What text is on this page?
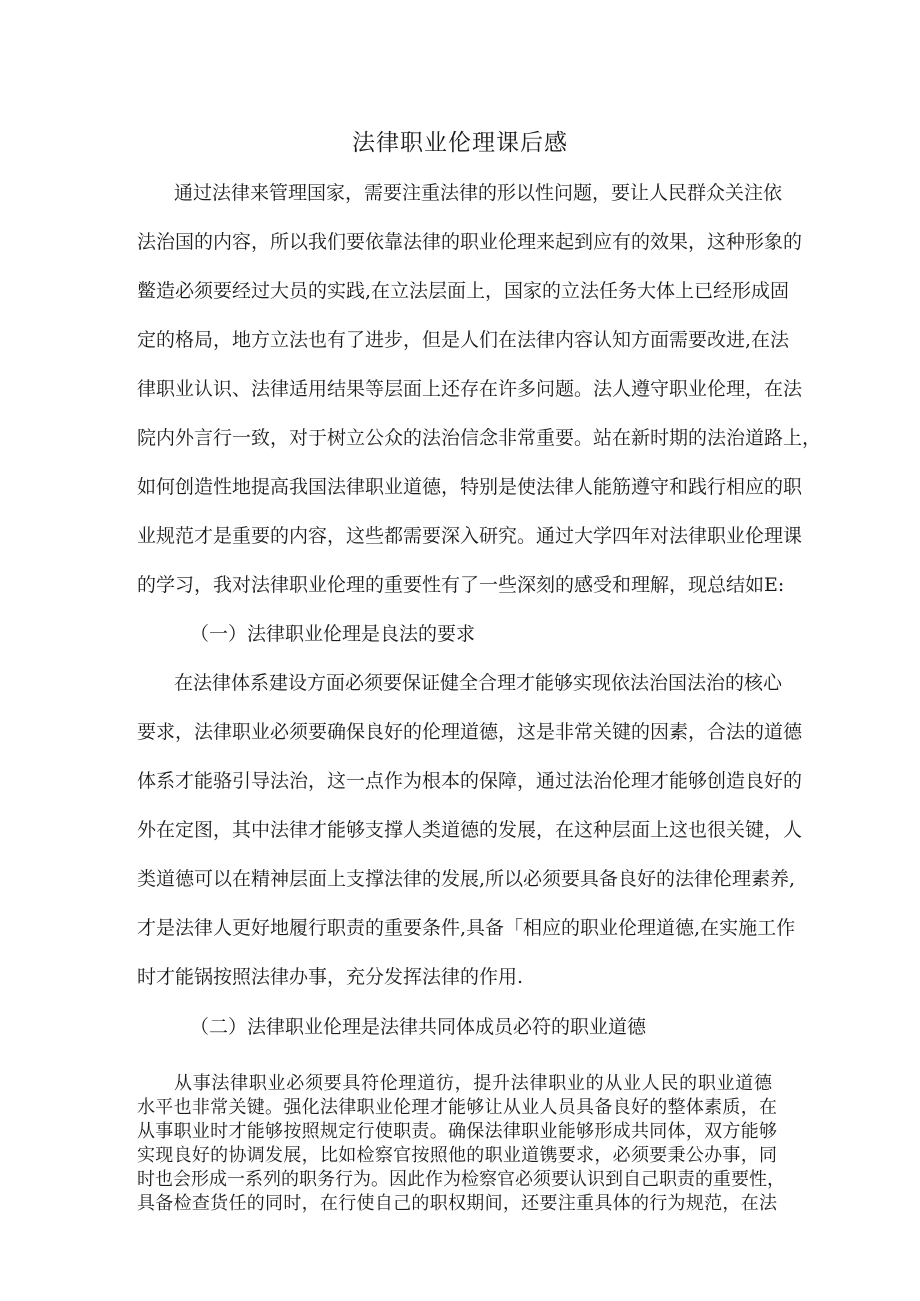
法律职业伦理课后感

通过法律来管理国家，需要注重法律的形以性问题，要让人民群众关注依

法治国的内容，所以我们要依靠法律的职业伦理来起到应有的效果，这种形象的

鳖造必须要经过大员的实践,在立法层面上，国家的立法任务大体上已经形成固

定的格局，地方立法也有了进步，但是人们在法律内容认知方面需要改进,在法

律职业认识、法律适用结果等层面上还存在许多问题。法人遵守职业伦理，在法

院内外言行一致，对于树立公众的法治信念非常重要。站在新时期的法治道路上，

如何创造性地提高我国法律职业道德，特别是使法律人能筋遵守和践行相应的职

业规范才是重要的内容，这些都需要深入研究。通过大学四年对法律职业伦理课

的学习，我对法律职业伦理的重要性有了一些深刻的感受和理解，现总结如E:

（一）法律职业伦理是良法的要求

在法律体系建设方面必须要保证健全合理才能够实现依法治国法治的核心

要求，法律职业必须要确保良好的伦理道德，这是非常关键的因素，合法的道德

体系才能骆引导法治，这一点作为根本的保障，通过法治伦理才能够创造良好的

外在定图，其中法律才能够支撑人类道德的发展，在这种层面上这也很关键，人

类道德可以在精神层面上支撑法律的发展,所以必须要具备良好的法律伦理素养,

才是法律人更好地履行职责的重要条件,具备「相应的职业伦理道德,在实施工作

时才能锅按照法律办事，充分发挥法律的作用.

（二）法律职业伦理是法律共同体成员必符的职业道德

从事法律职业必须要具符伦理道彷，提升法律职业的从业人民的职业道德

水平也非常关键。强化法律职业伦理才能够让从业人员具备良好的整体素质，在

从事职业时才能够按照规定行使职责。确保法律职业能够形成共同体，双方能够

实现良好的协调发展，比如检察官按照他的职业道镌要求，必须要秉公办事，同

时也会形成一系列的职务行为。因此作为检察官必须要认识到自己职责的重要性，

具备检查货任的同时，在行使自己的职权期间，还要注重具体的行为规范，在法
